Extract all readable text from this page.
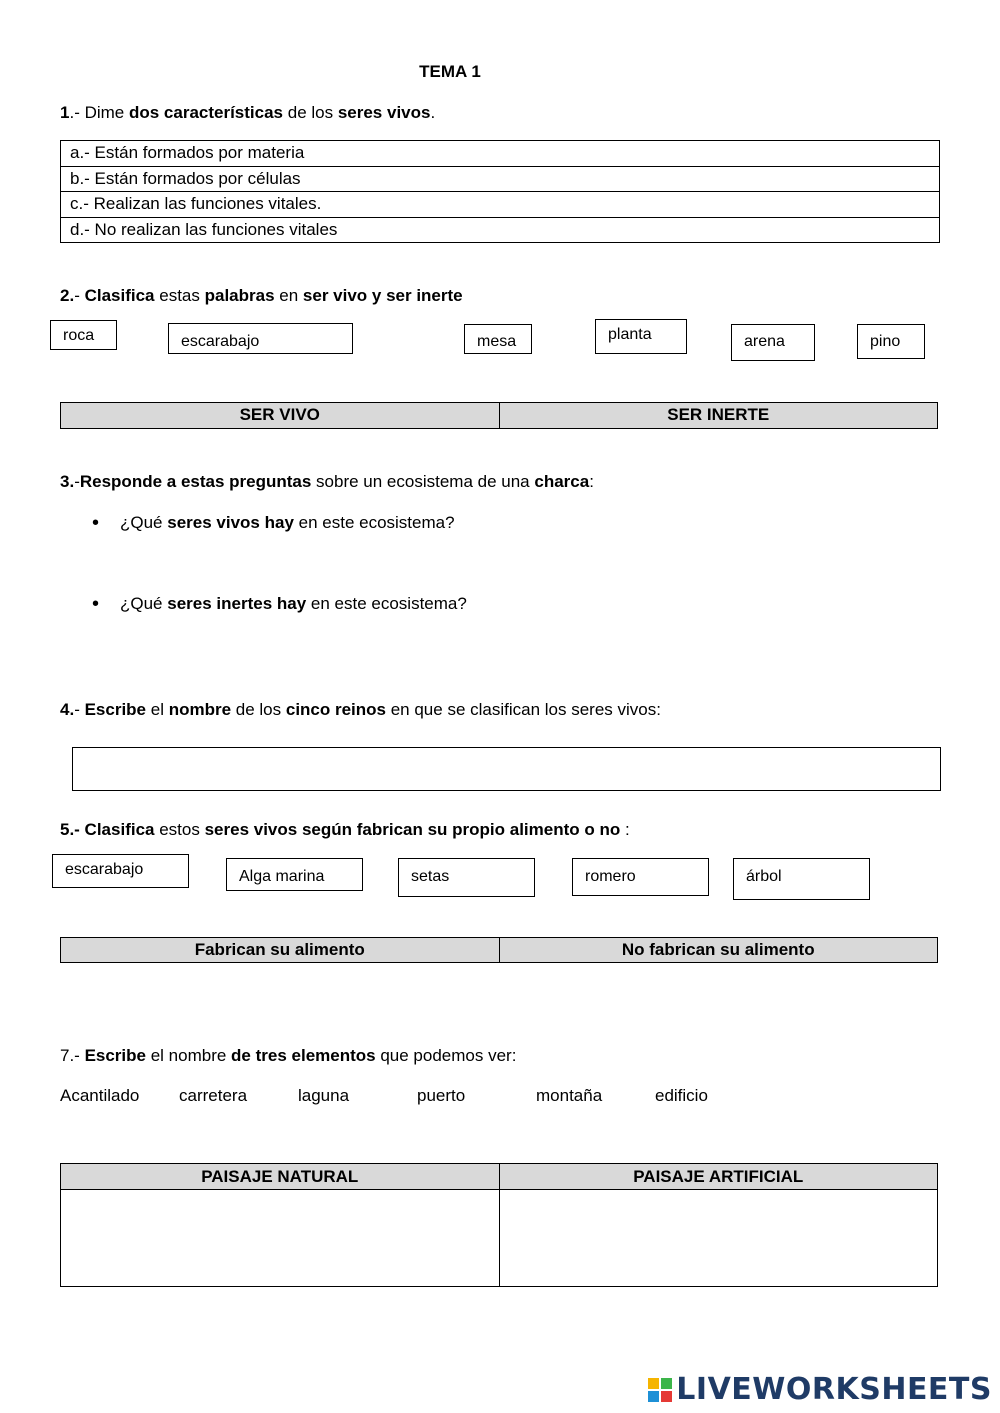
TEMA 1
1.- Dime dos características de los seres vivos.
a.- Están formados por materia
b.- Están formados por células
c.- Realizan las funciones vitales.
d.- No realizan las funciones vitales
2.- Clasifica estas palabras en ser vivo y ser inerte
roca	escarabajo	mesa	planta	arena	pino
SER VIVO	SER INERTE
3.-Responde a estas preguntas sobre un ecosistema de una charca:
• ¿Qué seres vivos hay en este ecosistema?
• ¿Qué seres inertes hay en este ecosistema?
4.- Escribe el nombre de los cinco reinos en que se clasifican los seres vivos:
5.- Clasifica estos seres vivos según fabrican su propio alimento o no :
escarabajo	Alga marina	setas	romero	árbol
Fabrican su alimento	No fabrican su alimento
7.- Escribe el nombre de tres elementos que podemos ver:
Acantilado carretera	laguna	puerto	montaña	edificio
PAISAJE NATURAL	PAISAJE ARTIFICIAL
LIVEWORKSHEETS
